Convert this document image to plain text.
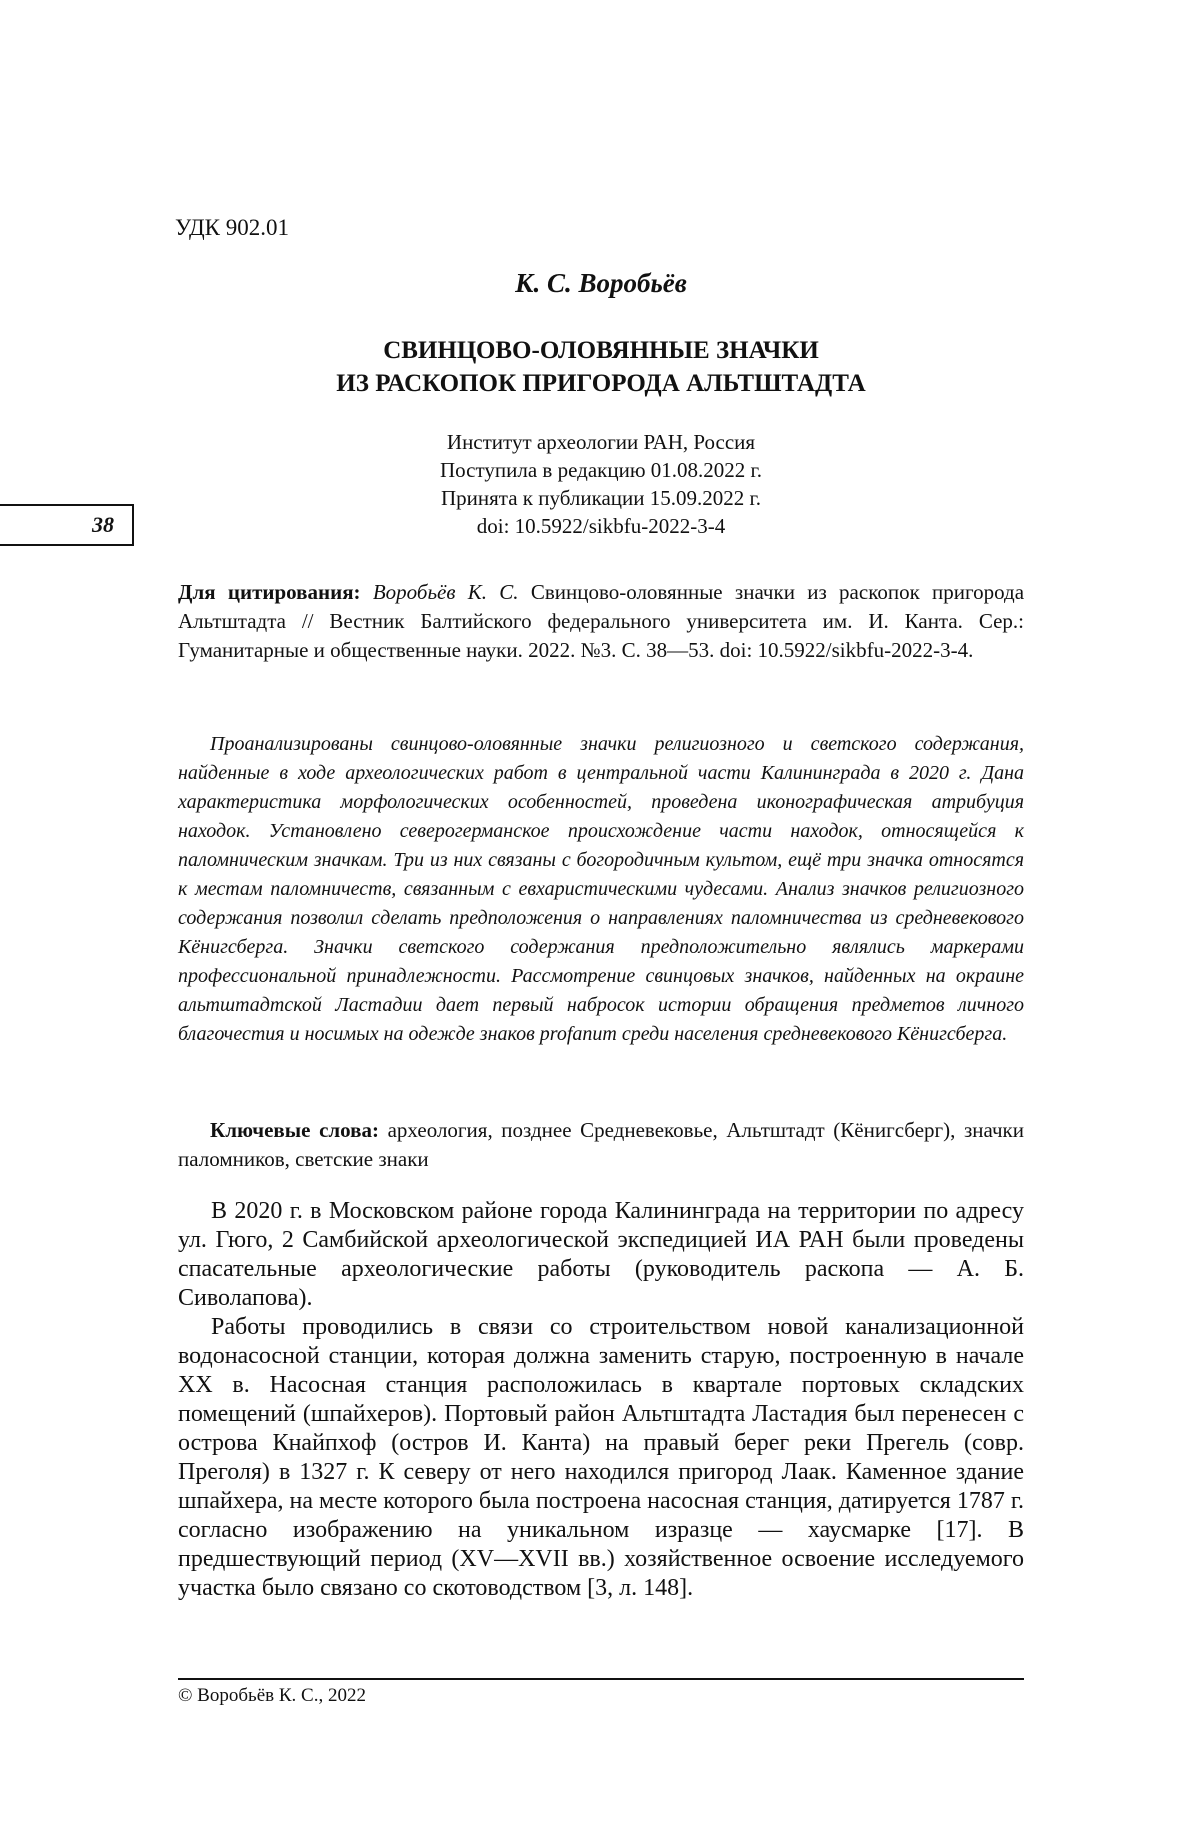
УДК 902.01
К. С. Воробьёв
СВИНЦОВО-ОЛОВЯННЫЕ ЗНАЧКИ
ИЗ РАСКОПОК ПРИГОРОДА АЛЬТШТАДТА
Институт археологии РАН, Россия
Поступила в редакцию 01.08.2022 г.
Принята к публикации 15.09.2022 г.
doi: 10.5922/sikbfu-2022-3-4
38
Для цитирования: Воробьёв К. С. Свинцово-оловянные значки из раскопок пригорода Альтштадта // Вестник Балтийского федерального университета им. И. Канта. Сер.: Гуманитарные и общественные науки. 2022. №3. С. 38—53. doi: 10.5922/sikbfu-2022-3-4.
Проанализированы свинцово-оловянные значки религиозного и светского содержания, найденные в ходе археологических работ в центральной части Калининграда в 2020 г. Дана характеристика морфологических особенностей, проведена иконографическая атрибуция находок. Установлено северогерманское происхождение части находок, относящейся к паломническим значкам. Три из них связаны с богородичным культом, ещё три значка относятся к местам паломничеств, связанным с евхаристическими чудесами. Анализ значков религиозного содержания позволил сделать предположения о направлениях паломничества из средневекового Кёнигсберга. Значки светского содержания предположительно являлись маркерами профессиональной принадлежности. Рассмотрение свинцовых значков, найденных на окраине альтштадтской Ластадии дает первый набросок истории обращения предметов личного благочестия и носимых на одежде знаков profanum среди населения средневекового Кёнигсберга.
Ключевые слова: археология, позднее Средневековье, Альтштадт (Кёнигсберг), значки паломников, светские знаки

В 2020 г. в Московском районе города Калининграда на территории по адресу ул. Гюго, 2 Самбийской археологической экспедицией ИА РАН были проведены спасательные археологические работы (руководитель раскопа — А. Б. Сиволапова).

Работы проводились в связи со строительством новой канализационной водонасосной станции, которая должна заменить старую, построенную в начале XX в. Насосная станция расположилась в квартале портовых складских помещений (шпайхеров). Портовый район Альтштадта Ластадия был перенесен с острова Кнайпхоф (остров И. Канта) на правый берег реки Прегель (совр. Преголя) в 1327 г. К северу от него находился пригород Лаак. Каменное здание шпайхера, на месте которого была построена насосная станция, датируется 1787 г. согласно изображению на уникальном изразце — хаусмарке [17]. В предшествующий период (XV—XVII вв.) хозяйственное освоение исследуемого участка было связано со скотоводством [3, л. 148].

© Воробьёв К. С., 2022
